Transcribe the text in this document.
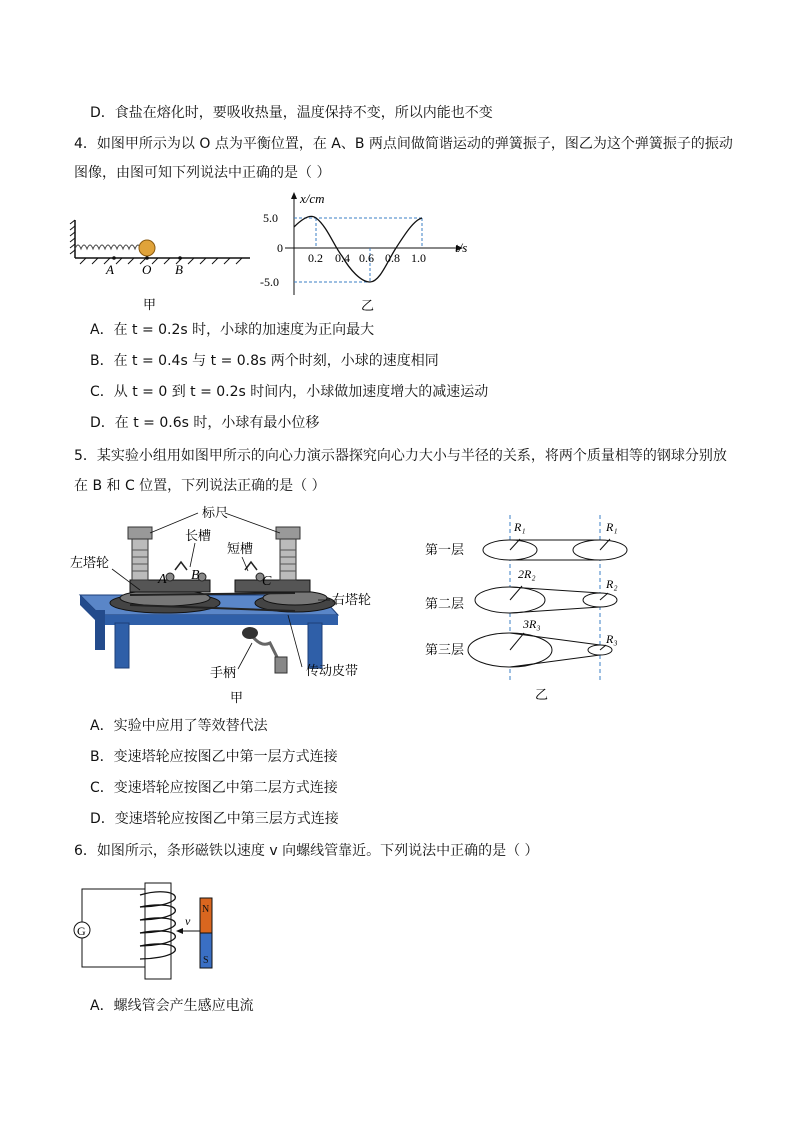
D．食盐在熔化时，要吸收热量，温度保持不变，所以内能也不变
4．如图甲所示为以 O 点为平衡位置，在 A、B 两点间做简谐运动的弹簧振子，图乙为这个弹簧振子的振动
图像，由图可知下列说法中正确的是（ ）
A O B
甲
x/cm
t/s
5.0
0
-5.0
0.2 0.4 0.6 0.8 1.0
乙
A．在 t = 0.2s 时，小球的加速度为正向最大
B．在 t = 0.4s 与 t = 0.8s 两个时刻，小球的速度相同
C．从 t = 0 到 t = 0.2s 时间内，小球做加速度增大的减速运动
D．在 t = 0.6s 时，小球有最小位移
5．某实验小组用如图甲所示的向心力演示器探究向心力大小与半径的关系，将两个质量相等的钢球分别放
在 B 和 C 位置，下列说法正确的是（ ）
A B	C
标尺
长槽
短槽
左塔轮
右塔轮
手柄	传动皮带
甲
第一层
R₁	R₁
第二层
2R₂
R₂
第三层
3R₃
R₃
乙
A．实验中应用了等效替代法
B．变速塔轮应按图乙中第一层方式连接
C．变速塔轮应按图乙中第二层方式连接
D．变速塔轮应按图乙中第三层方式连接
6．如图所示，条形磁铁以速度 v 向螺线管靠近。下列说法中正确的是（ ）
G
v
N
S
A．螺线管会产生感应电流
